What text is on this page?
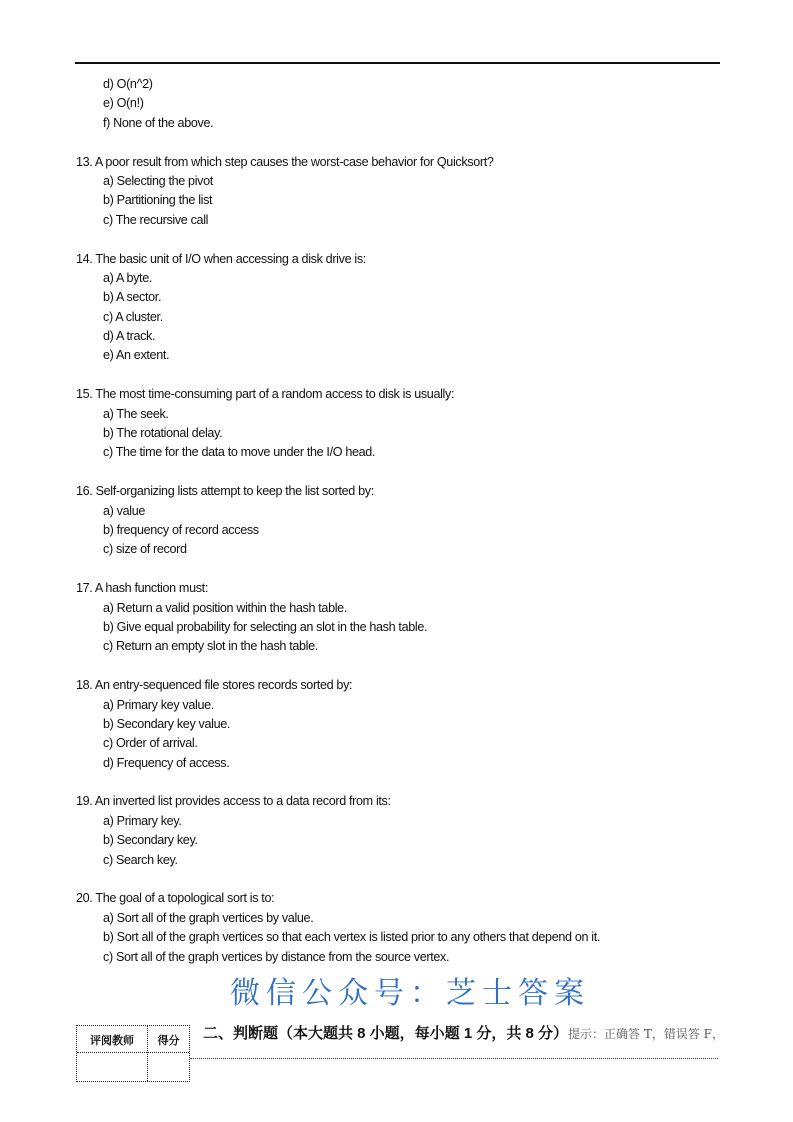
d) O(n^2)
e) O(n!)
f) None of the above.
13. A poor result from which step causes the worst-case behavior for Quicksort?
a) Selecting the pivot
b) Partitioning the list
c) The recursive call
14. The basic unit of I/O when accessing a disk drive is:
a) A byte.
b) A sector.
c) A cluster.
d) A track.
e) An extent.
15. The most time-consuming part of a random access to disk is usually:
a) The seek.
b) The rotational delay.
c) The time for the data to move under the I/O head.
16. Self-organizing lists attempt to keep the list sorted by:
a) value
b) frequency of record access
c) size of record
17. A hash function must:
a) Return a valid position within the hash table.
b) Give equal probability for selecting an slot in the hash table.
c) Return an empty slot in the hash table.
18. An entry-sequenced file stores records sorted by:
a) Primary key value.
b) Secondary key value.
c) Order of arrival.
d) Frequency of access.
19. An inverted list provides access to a data record from its:
a) Primary key.
b) Secondary key.
c) Search key.
20. The goal of a topological sort is to:
a) Sort all of the graph vertices by value.
b) Sort all of the graph vertices so that each vertex is listed prior to any others that depend on it.
c) Sort all of the graph vertices by distance from the source vertex.
微信公众号：芝士答案
评阅教师	得分	二、判断题（本大题共 8 小题，每小题 1 分，共 8 分）提示：正确答 T，错误答 F，
